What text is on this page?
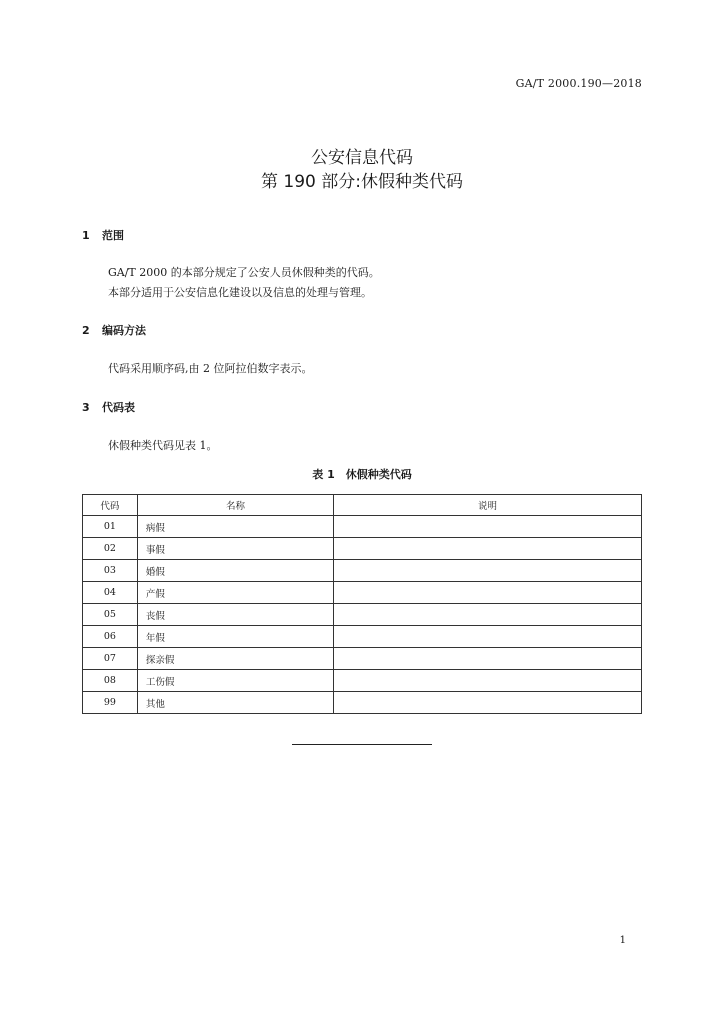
GA/T 2000.190—2018
公安信息代码
第 190 部分:休假种类代码
1 范围
GA/T 2000 的本部分规定了公安人员休假种类的代码。
本部分适用于公安信息化建设以及信息的处理与管理。
2 编码方法
代码采用顺序码,由 2 位阿拉伯数字表示。
3 代码表
休假种类代码见表 1。
表 1　休假种类代码
代码	名称	说明
01	病假	
02	事假	
03	婚假	
04	产假	
05	丧假	
06	年假	
07	探亲假	
08	工伤假	
99	其他	
1
